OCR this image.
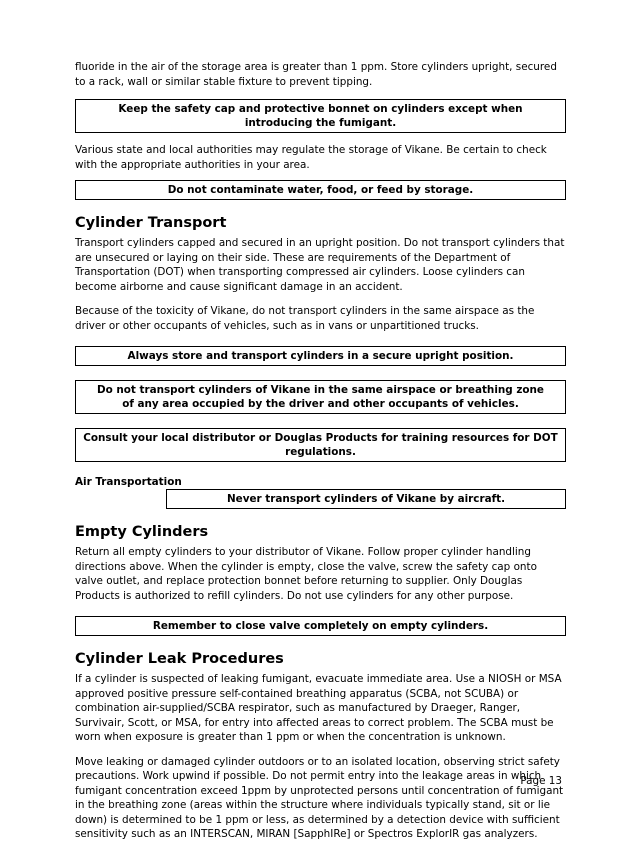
fluoride in the air of the storage area is greater than 1 ppm. Store cylinders upright, secured to a rack, wall or similar stable fixture to prevent tipping.

Keep the safety cap and protective bonnet on cylinders except when introducing the fumigant.

Various state and local authorities may regulate the storage of Vikane. Be certain to check with the appropriate authorities in your area.

Do not contaminate water, food, or feed by storage.
Cylinder Transport

Transport cylinders capped and secured in an upright position. Do not transport cylinders that are unsecured or laying on their side. These are requirements of the Department of Transportation (DOT) when transporting compressed air cylinders. Loose cylinders can become airborne and cause significant damage in an accident.

Because of the toxicity of Vikane, do not transport cylinders in the same airspace as the driver or other occupants of vehicles, such as in vans or unpartitioned trucks.

Always store and transport cylinders in a secure upright position.
Do not transport cylinders of Vikane in the same airspace or breathing zone of any area occupied by the driver and other occupants of vehicles.
Consult your local distributor or Douglas Products for training resources for DOT regulations.
Air Transportation
Never transport cylinders of Vikane by aircraft.
Empty Cylinders

Return all empty cylinders to your distributor of Vikane. Follow proper cylinder handling directions above. When the cylinder is empty, close the valve, screw the safety cap onto valve outlet, and replace protection bonnet before returning to supplier. Only Douglas Products is authorized to refill cylinders. Do not use cylinders for any other purpose.

Remember to close valve completely on empty cylinders.
Cylinder Leak Procedures

If a cylinder is suspected of leaking fumigant, evacuate immediate area. Use a NIOSH or MSA approved positive pressure self-contained breathing apparatus (SCBA, not SCUBA) or combination air-supplied/SCBA respirator, such as manufactured by Draeger, Ranger, Survivair, Scott, or MSA, for entry into affected areas to correct problem. The SCBA must be worn when exposure is greater than 1 ppm or when the concentration is unknown.

Move leaking or damaged cylinder outdoors or to an isolated location, observing strict safety precautions. Work upwind if possible. Do not permit entry into the leakage areas in which fumigant concentration exceed 1ppm by unprotected persons until concentration of fumigant in the breathing zone (areas within the structure where individuals typically stand, sit or lie down) is determined to be 1 ppm or less, as determined by a detection device with sufficient sensitivity such as an INTERSCAN, MIRAN [SapphIRe] or Spectros ExplorIR gas analyzers.

Page 13
